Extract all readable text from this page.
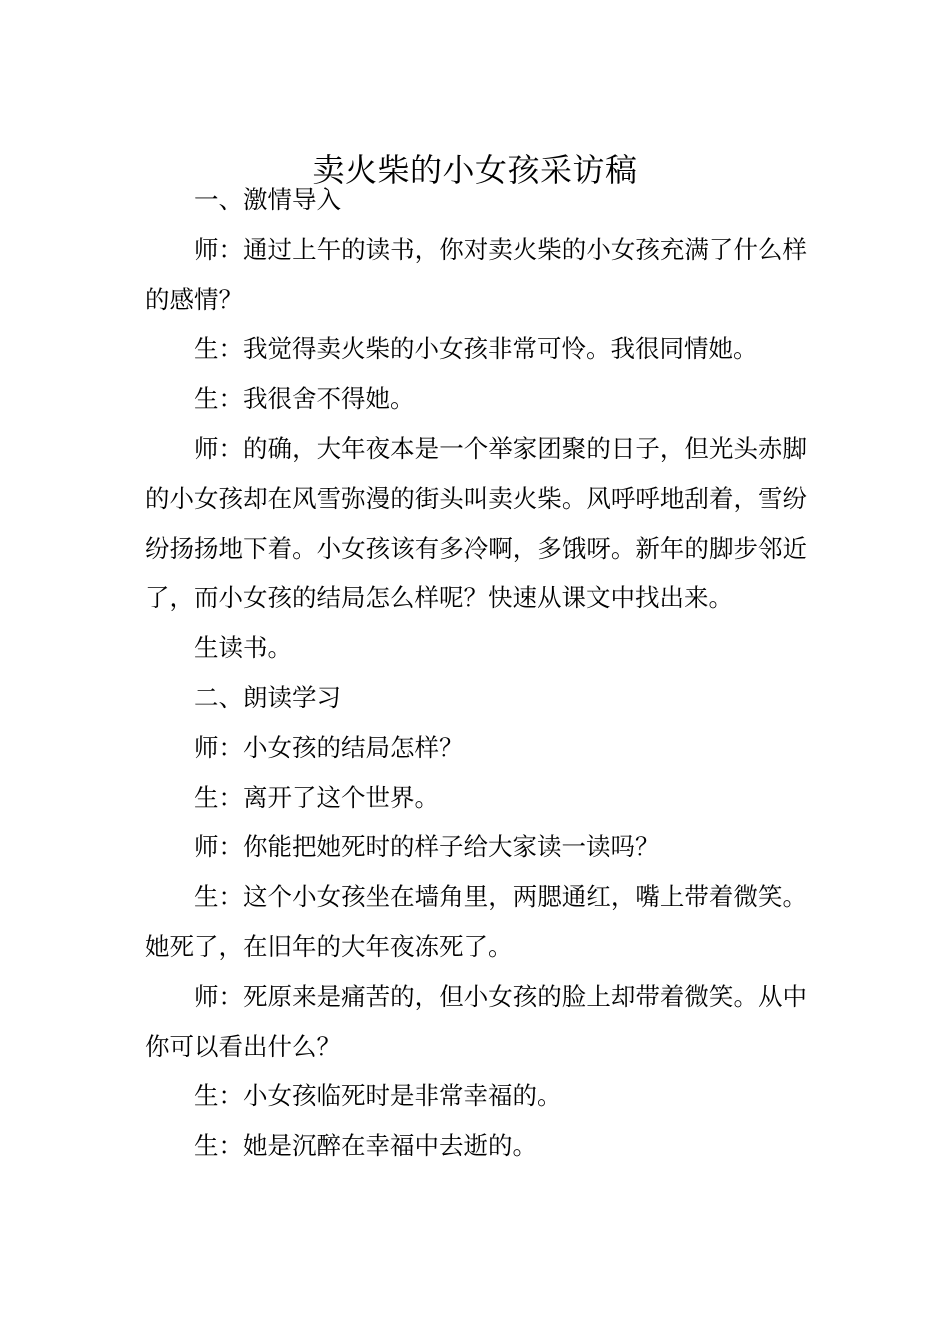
卖火柴的小女孩采访稿

一、激情导入

师：通过上午的读书，你对卖火柴的小女孩充满了什么样的感情？

生：我觉得卖火柴的小女孩非常可怜。我很同情她。

生：我很舍不得她。

师：的确，大年夜本是一个举家团聚的日子，但光头赤脚的小女孩却在风雪弥漫的街头叫卖火柴。风呼呼地刮着，雪纷纷扬扬地下着。小女孩该有多冷啊，多饿呀。新年的脚步邻近了，而小女孩的结局怎么样呢？快速从课文中找出来。

生读书。

二、朗读学习

师：小女孩的结局怎样？

生：离开了这个世界。

师：你能把她死时的样子给大家读一读吗？

生：这个小女孩坐在墙角里，两腮通红，嘴上带着微笑。她死了，在旧年的大年夜冻死了。

师：死原来是痛苦的，但小女孩的脸上却带着微笑。从中你可以看出什么？

生：小女孩临死时是非常幸福的。

生：她是沉醉在幸福中去逝的。
